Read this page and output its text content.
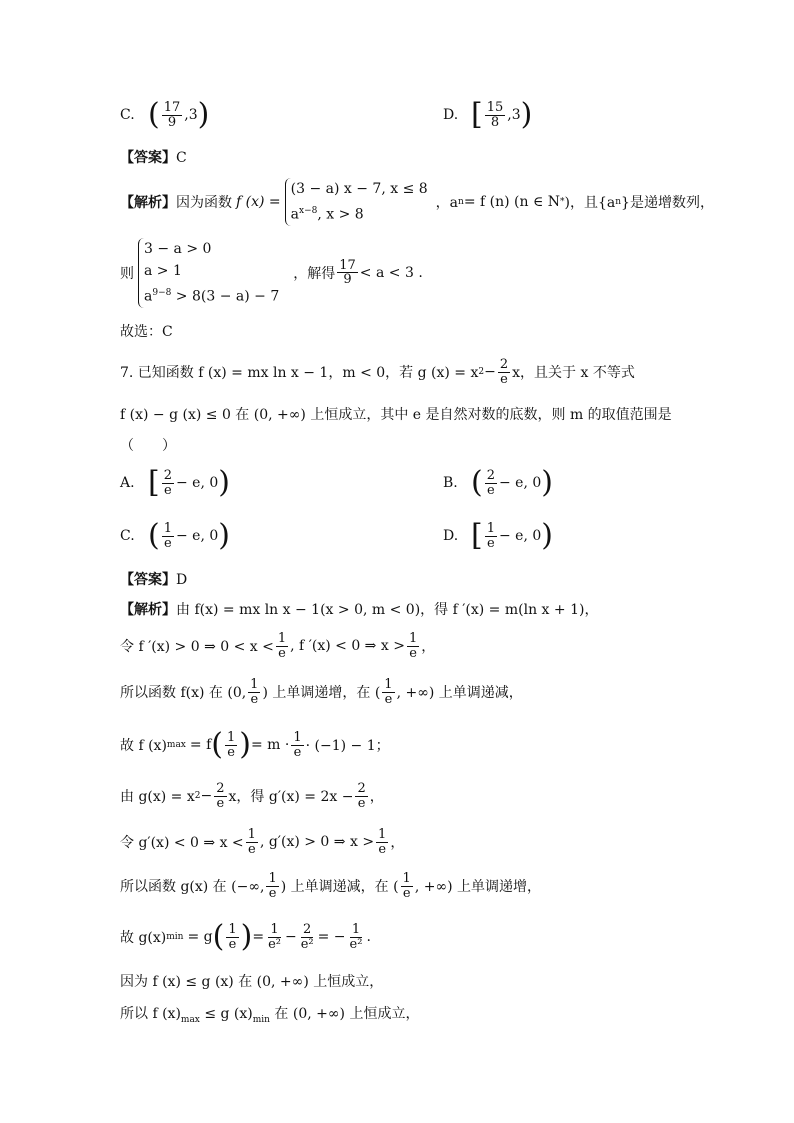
C. ( $\frac{17}{9} ,3$ )	D. [ $\frac{15}{8} ,3$ )
【答案】C
【解析】 因为函数 f (x) =
(3 − a) x − 7, x ≤ 8
$a^{x-8}$, x > 8
，a n = f (n) (n ∈ N * )，且{a n }是递增数列，
则
3 − a > 0
a > 1
$a^{9-8} > 8(3 - a) - 7$
，解得 $\frac{17}{9} < a < 3$ .
故选：C
7. 已知函数 f (x) = mx ln x − 1，m < 0，若 g (x) = x $2 - \frac{2}{e}$ x，且关于 x 不等式
f (x) − g (x) ≤ 0 在 (0, +∞) 上恒成立，其中 e 是自然对数的底数，则 m 的取值范围是
（　　）
A. [ $\frac{2}{e} - e$, 0 )	B. ( $\frac{2}{e} - e$, 0 )
C. ( $\frac{1}{e} - e$, 0 )	D. [ $\frac{1}{e} - e$, 0 )
【答案】D
【解析】由 f(x) = mx ln x − 1(x > 0, m < 0)，得 f ′(x) = m(ln x + 1)，
令 f ′(x) > 0 ⇒ $0 < x < \frac{1}{e}$ , f ′(x) < 0 ⇒ $x > \frac{1}{e}$ ，
所以函数 f(x) 在 (0, $\frac{1}{e}$ ) 上单调递增，在 ( $\frac{1}{e}$ , +∞) 上单调递减，
故 f (x) max = f ( $\frac{1}{e}$ ) = $m \cdot \frac{1}{e} \cdot (-1) - 1$；
由 g(x) = x $2 - \frac{2}{e}$ x，得 $g'(x) = 2x - \frac{2}{e}$ ，
令 g′(x) < 0 ⇒ $x < \frac{1}{e}$ , g′(x) > 0 ⇒ $x > \frac{1}{e}$ ，
所以函数 g(x) 在 (−∞, $\frac{1}{e}$ ) 上单调递减，在 ( $\frac{1}{e}$ , +∞) 上单调递增，
故 g(x) min = g ( $\frac{1}{e}$ ) = $\frac{1}{\text{e²}} - \frac{2}{\text{e²}}$ = − $\frac{1}{\text{e²}}$ .
因为 f (x) ≤ g (x) 在 (0, +∞) 上恒成立，
所以 f $(x)_{max} \le g$ $(x)_{min}$ 在 (0, +∞) 上恒成立，
